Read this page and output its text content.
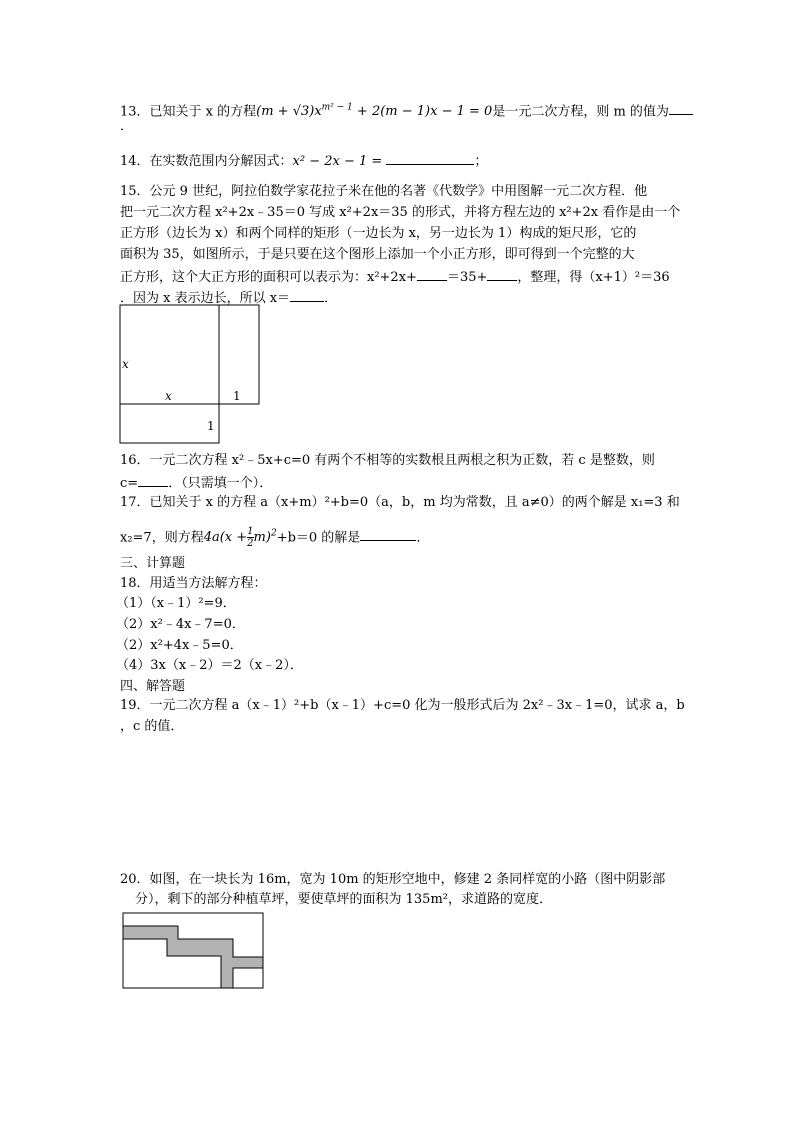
13．已知关于 x 的方程$(m + √3)x^{m^2 - 1} + 2(m - 1)x - 1 = 0$是一元二次方程，则 m 的值为
．
14．在实数范围内分解因式：x² − 2x − 1 =	；
15．公元 9 世纪，阿拉伯数学家花拉子米在他的名著《代数学》中用图解一元二次方程．他
把一元二次方程 x²+2x﹣35＝0 写成 x²+2x＝35 的形式，并将方程左边的 x²+2x 看作是由一个
正方形（边长为 x）和两个同样的矩形（一边长为 x，另一边长为 1）构成的矩尺形，它的
面积为 35，如图所示，于是只要在这个图形上添加一个小正方形，即可得到一个完整的大
正方形，这个大正方形的面积可以表示为：x²+2x+ ＝35+ ，整理，得（x+1）²＝36
．因为 x 表示边长，所以 x＝	．
x
x	1
1
16．一元二次方程 x²﹣5x+c=0 有两个不相等的实数根且两根之积为正数，若 c 是整数，则
c= ．（只需填一个）．
17．已知关于 x 的方程 a（x+m）²+b=0（a，b，m 均为常数，且 a≠0）的两个解是 x₁=3 和
x₂=7，则方程$4a(x + \frac{1}{2} m)^2+b=0$ 的解是	．
三、计算题
18．用适当方法解方程：
（1）（x﹣1）²=9．
（2）x²﹣4x﹣7=0．
（2）x²+4x﹣5=0．
（4）3x（x﹣2）＝2（x﹣2）．
四、解答题
19．一元二次方程 a（x﹣1）²+b（x﹣1）+c=0 化为一般形式后为 2x²﹣3x﹣1=0，试求 a，b
，c 的值．
20．如图，在一块长为 16m，宽为 10m 的矩形空地中，修建 2 条同样宽的小路（图中阴影部
分），剩下的部分种植草坪，要使草坪的面积为 135m²，求道路的宽度．
